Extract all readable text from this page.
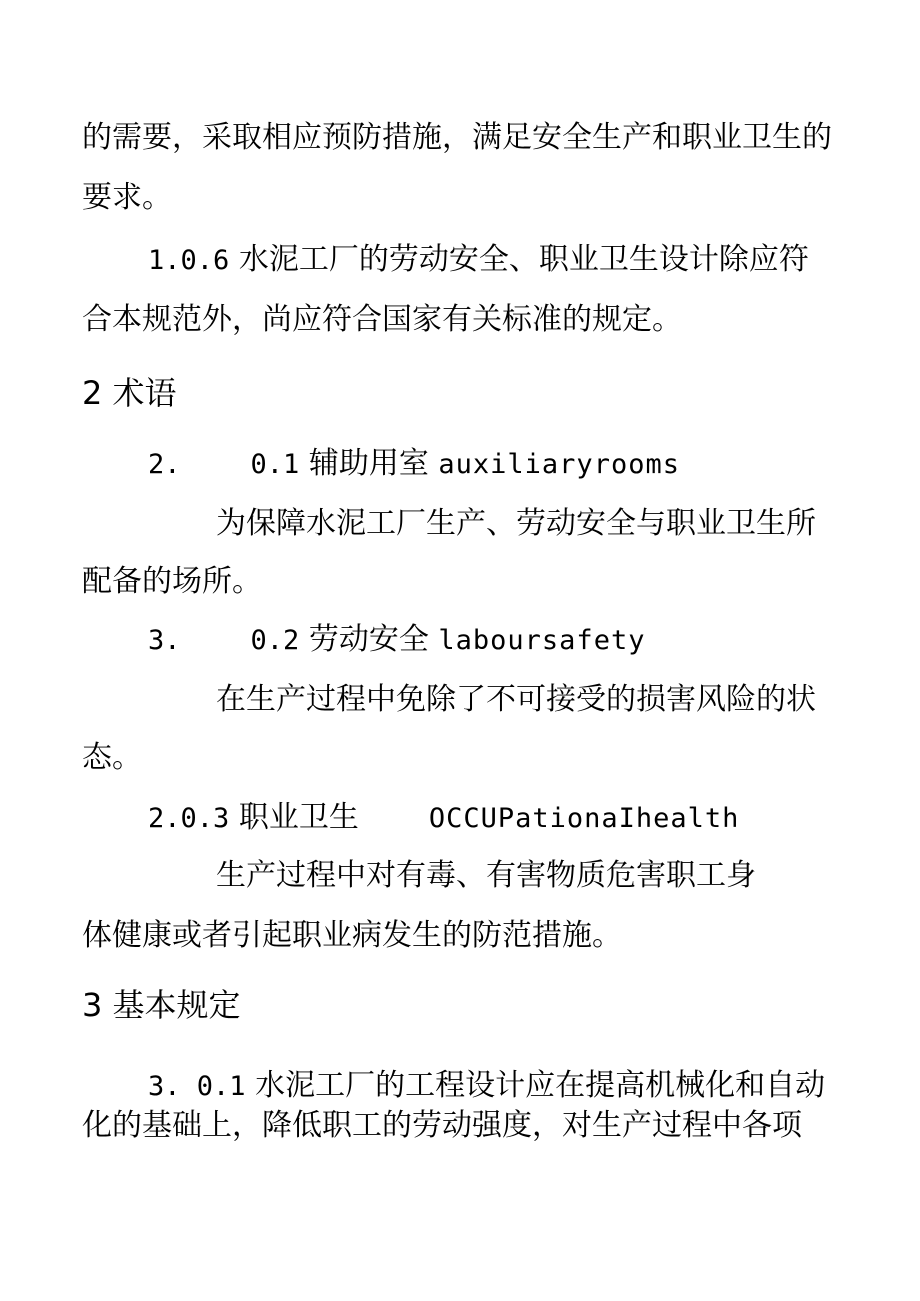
的需要，采取相应预防措施，满足安全生产和职业卫生的
要求。
1.0.6 水泥工厂的劳动安全、职业卫生设计除应符
合本规范外，尚应符合国家有关标准的规定。
2 术语
2.	0.1 辅助用室 auxiliaryrooms
为保障水泥工厂生产、劳动安全与职业卫生所
配备的场所。
3.	0.2 劳动安全 laboursafety
在生产过程中免除了不可接受的损害风险的状
态。
2.0.3 职业卫生	OCCUPationaIhealth
生产过程中对有毒、有害物质危害职工身
体健康或者引起职业病发生的防范措施。
3 基本规定
3. 0.1 水泥工厂的工程设计应在提高机械化和自动
化的基础上，降低职工的劳动强度，对生产过程中各项
